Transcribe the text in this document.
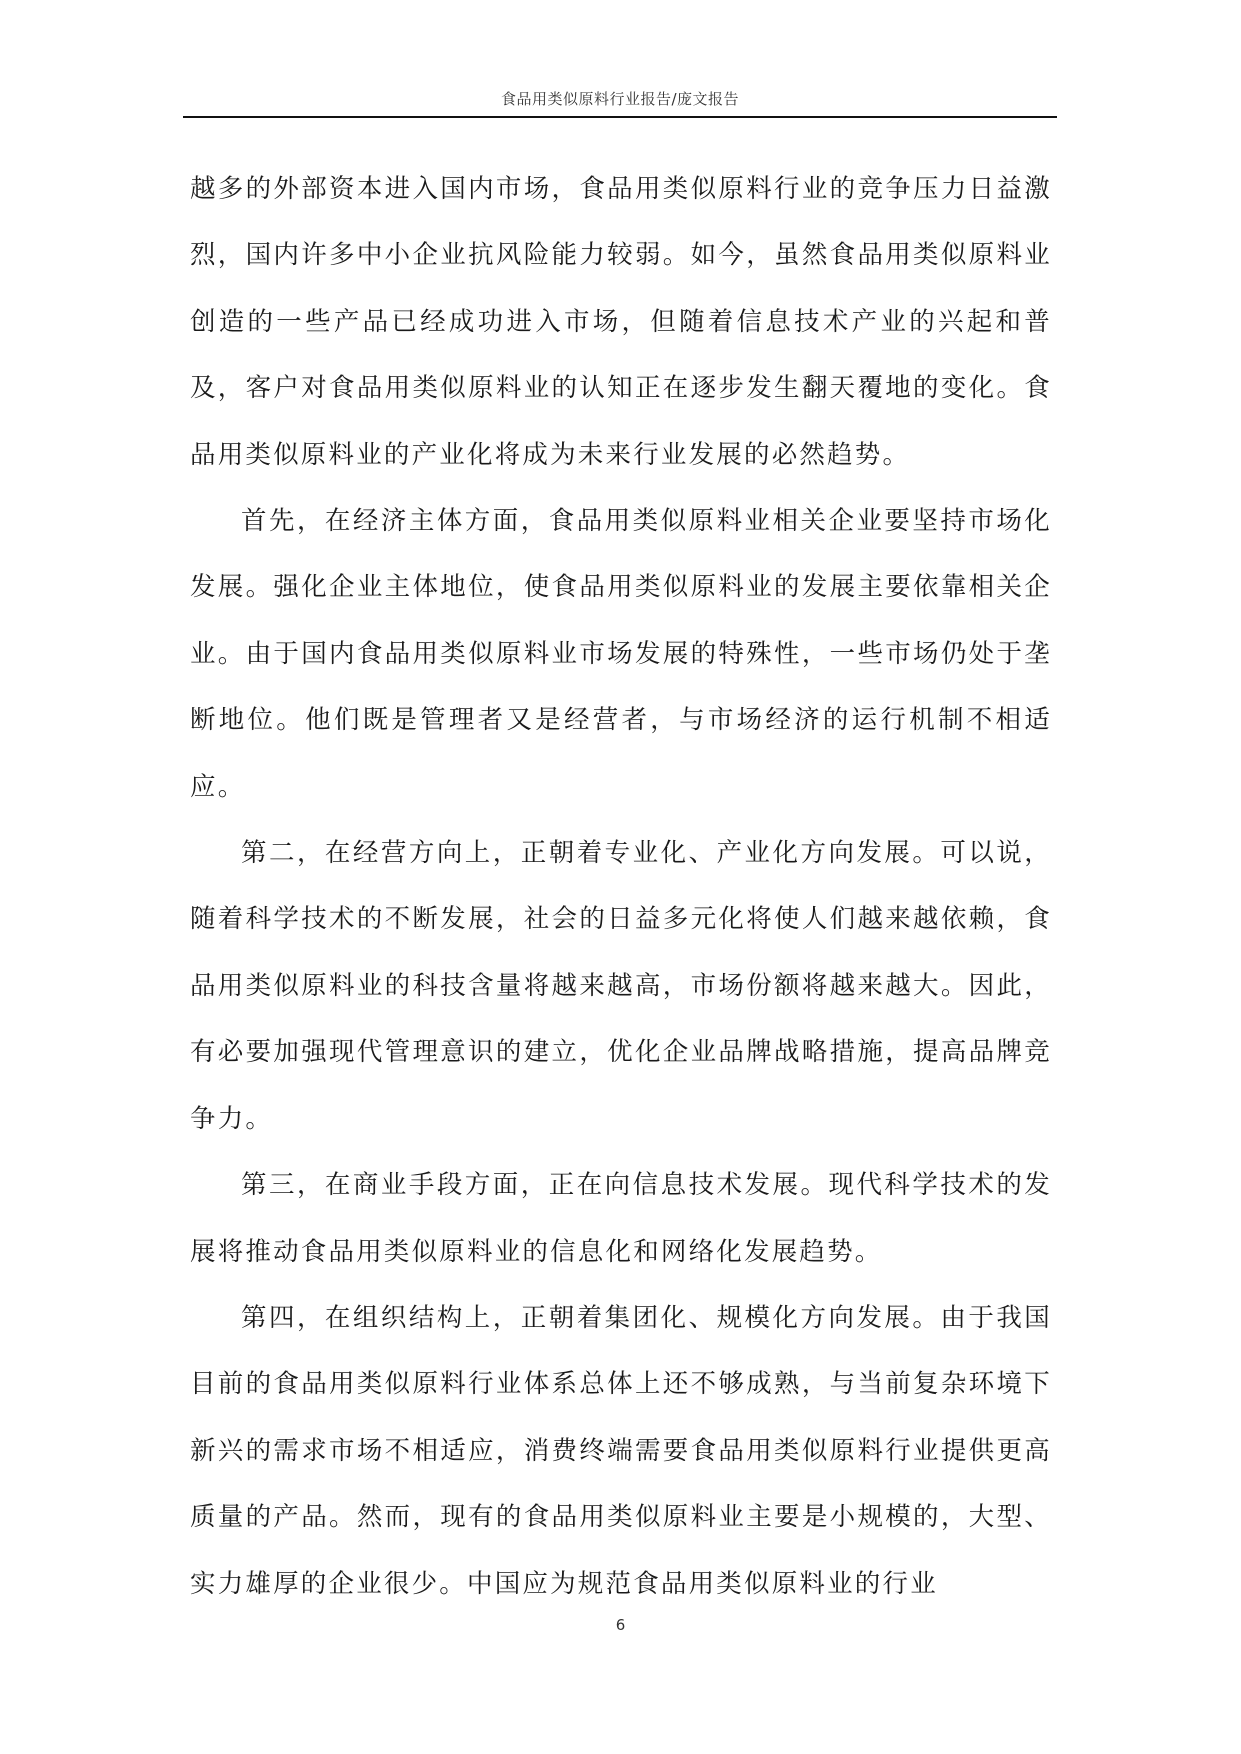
食品用类似原料行业报告/庞文报告

越多的外部资本进入国内市场，食品用类似原料行业的竞争压力日益激烈，国内许多中小企业抗风险能力较弱。如今，虽然食品用类似原料业创造的一些产品已经成功进入市场，但随着信息技术产业的兴起和普及，客户对食品用类似原料业的认知正在逐步发生翻天覆地的变化。食品用类似原料业的产业化将成为未来行业发展的必然趋势。

首先，在经济主体方面，食品用类似原料业相关企业要坚持市场化发展。强化企业主体地位，使食品用类似原料业的发展主要依靠相关企业。由于国内食品用类似原料业市场发展的特殊性，一些市场仍处于垄断地位。他们既是管理者又是经营者，与市场经济的运行机制不相适应。

第二，在经营方向上，正朝着专业化、产业化方向发展。可以说，随着科学技术的不断发展，社会的日益多元化将使人们越来越依赖，食品用类似原料业的科技含量将越来越高，市场份额将越来越大。因此，有必要加强现代管理意识的建立，优化企业品牌战略措施，提高品牌竞争力。

第三，在商业手段方面，正在向信息技术发展。现代科学技术的发展将推动食品用类似原料业的信息化和网络化发展趋势。

第四，在组织结构上，正朝着集团化、规模化方向发展。由于我国目前的食品用类似原料行业体系总体上还不够成熟，与当前复杂环境下新兴的需求市场不相适应，消费终端需要食品用类似原料行业提供更高质量的产品。然而，现有的食品用类似原料业主要是小规模的，大型、实力雄厚的企业很少。中国应为规范食品用类似原料业的行业

6
